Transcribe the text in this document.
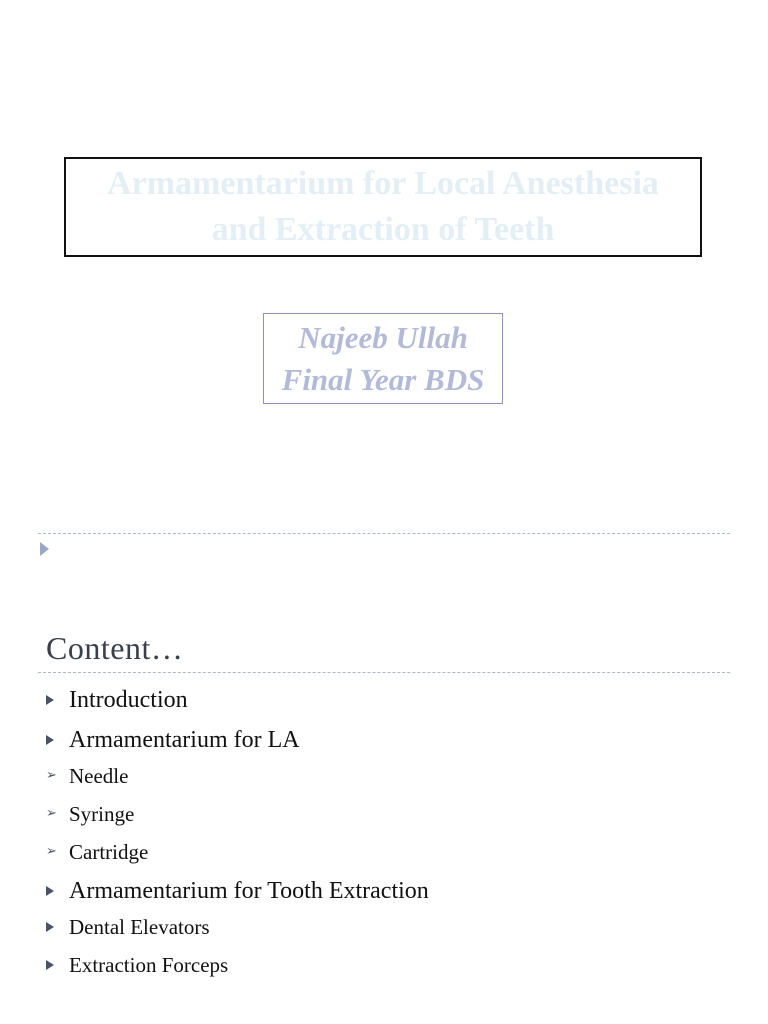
Armamentarium for Local Anesthesia
and Extraction of Teeth
Najeeb Ullah
Final Year BDS
Content…
Introduction
Armamentarium for LA
➢ Needle
➢ Syringe
➢ Cartridge
Armamentarium for Tooth Extraction
Dental Elevators
Extraction Forceps
